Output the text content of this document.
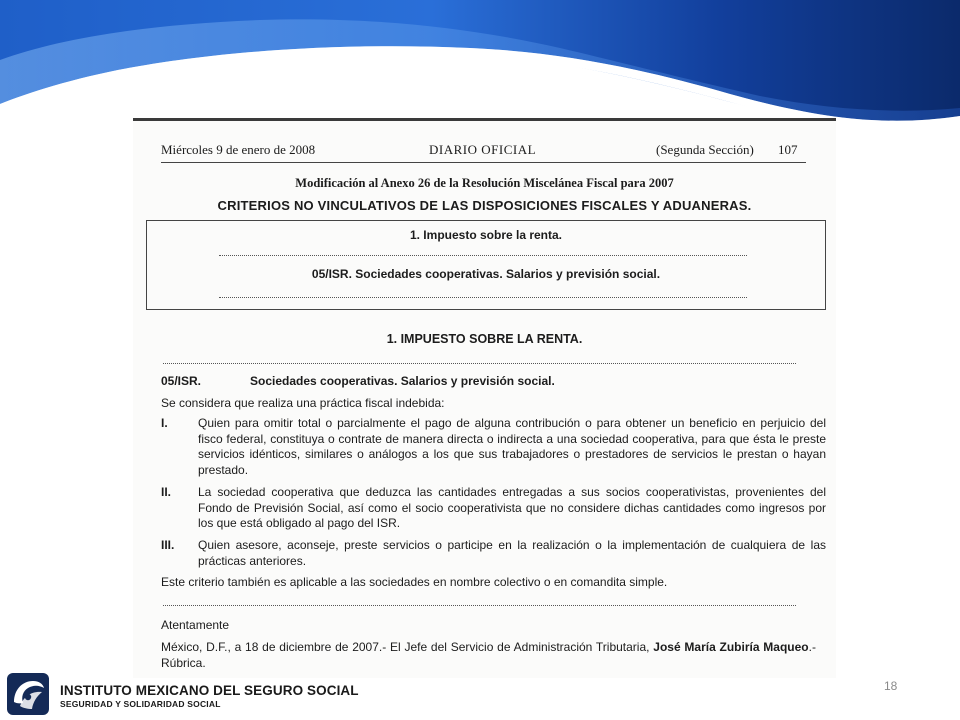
Miércoles 9 de enero de 2008	DIARIO OFICIAL	(Segunda Sección) 107
Modificación al Anexo 26 de la Resolución Miscelánea Fiscal para 2007
CRITERIOS NO VINCULATIVOS DE LAS DISPOSICIONES FISCALES Y ADUANERAS.
1. Impuesto sobre la renta.
05/ISR. Sociedades cooperativas. Salarios y previsión social.
1. IMPUESTO SOBRE LA RENTA.
05/ISR.	Sociedades cooperativas. Salarios y previsión social.
Se considera que realiza una práctica fiscal indebida:
I.	Quien para omitir total o parcialmente el pago de alguna contribución o para obtener un beneficio en perjuicio del fisco federal, constituya o contrate de manera directa o indirecta a una sociedad cooperativa, para que ésta le preste servicios idénticos, similares o análogos a los que sus trabajadores o prestadores de servicios le prestan o hayan prestado.
II. La sociedad cooperativa que deduzca las cantidades entregadas a sus socios cooperativistas, provenientes del Fondo de Previsión Social, así como el socio cooperativista que no considere dichas cantidades como ingresos por los que está obligado al pago del ISR.
III. Quien asesore, aconseje, preste servicios o participe en la realización o la implementación de cualquiera de las prácticas anteriores.
Este criterio también es aplicable a las sociedades en nombre colectivo o en comandita simple.
Atentamente
México, D.F., a 18 de diciembre de 2007.- El Jefe del Servicio de Administración Tributaria, José María Zubiría Maqueo.- Rúbrica.
INSTITUTO MEXICANO DEL SEGURO SOCIAL
SEGURIDAD Y SOLIDARIDAD SOCIAL
18
